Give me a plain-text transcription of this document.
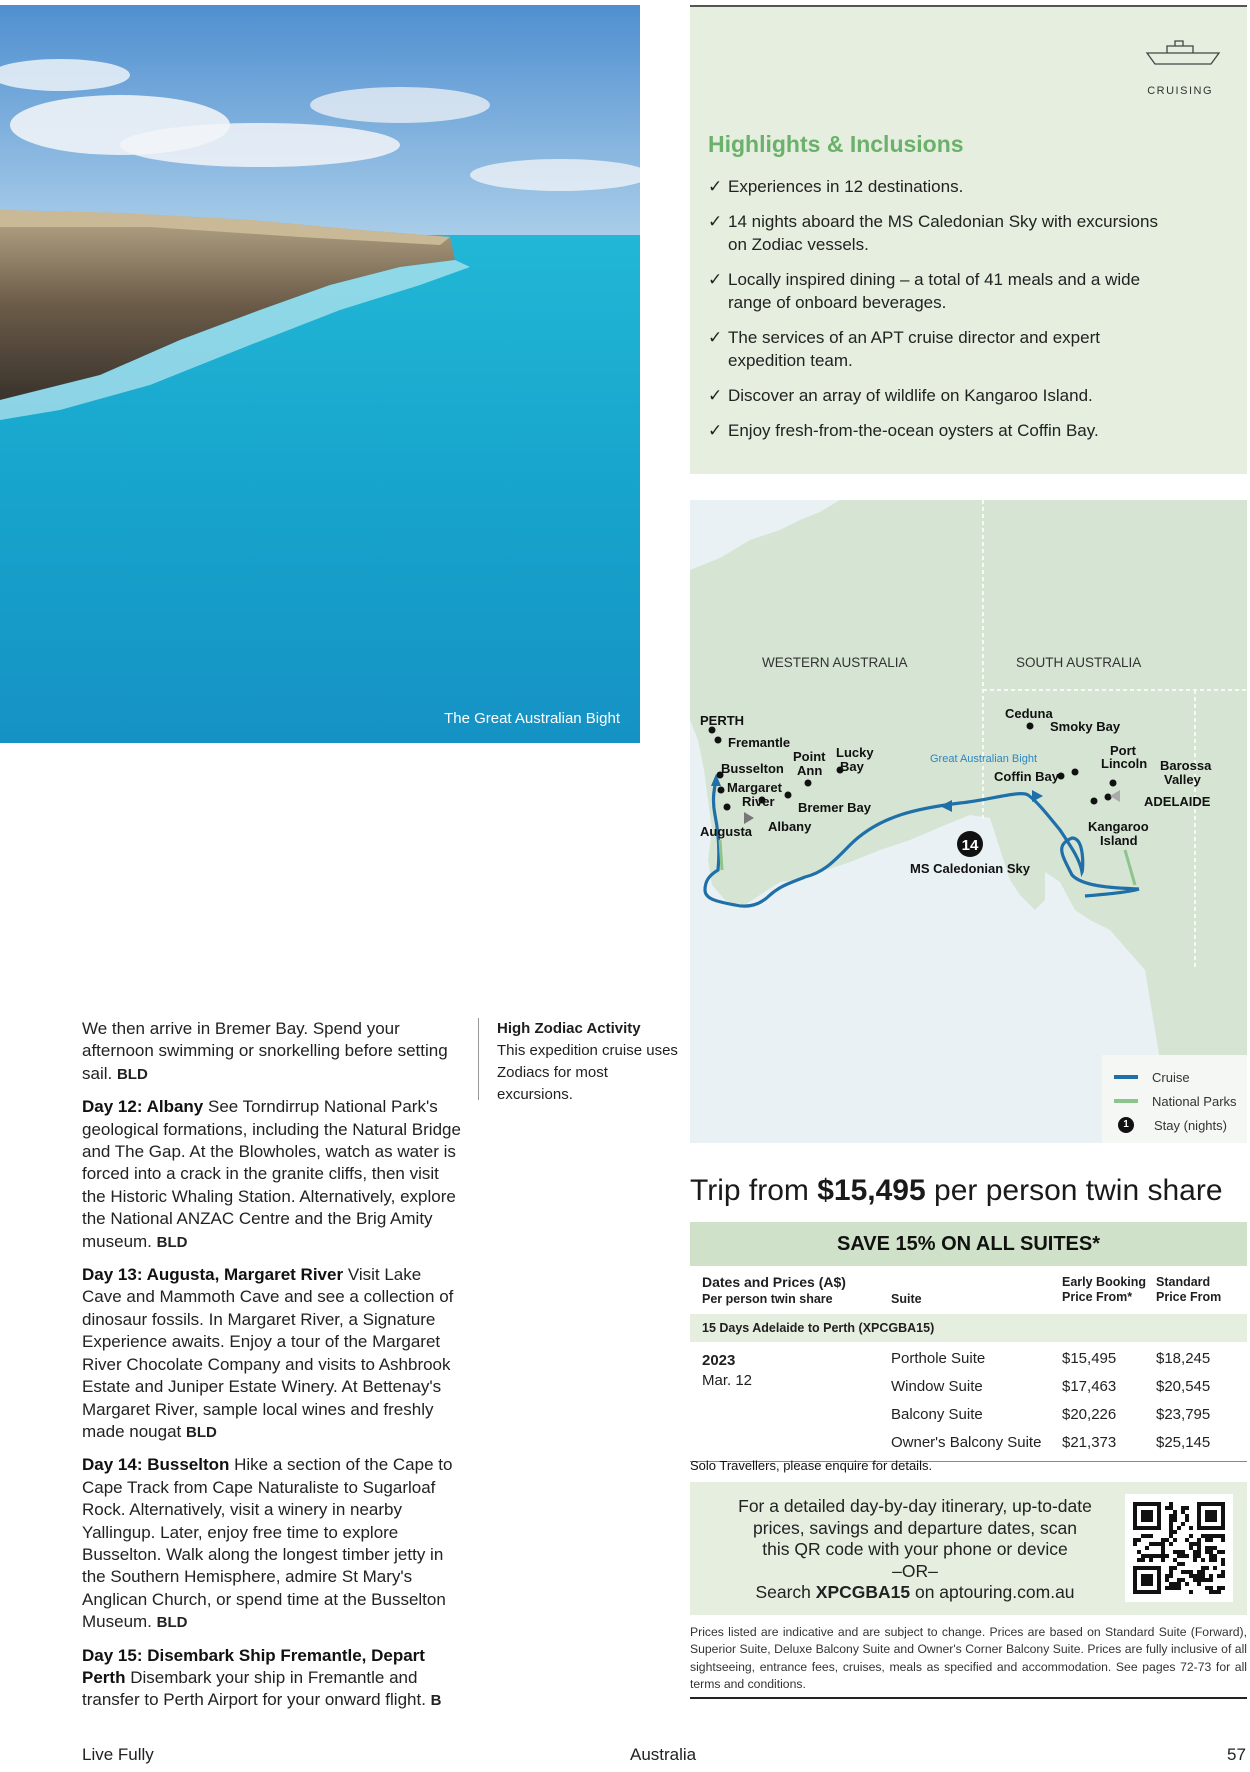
The Great Australian Bight
CRUISING
Highlights & Inclusions
✓ Experiences in 12 destinations.
✓ 14 nights aboard the MS Caledonian Sky with excursions on Zodiac vessels.
✓ Locally inspired dining – a total of 41 meals and a wide range of onboard beverages.
✓ The services of an APT cruise director and expert expedition team.
✓ Discover an array of wildlife on Kangaroo Island.
✓ Enjoy fresh-from-the-ocean oysters at Coffin Bay.
WESTERN AUSTRALIA	SOUTH AUSTRALIA
PERTH
Fremantle
Busselton
Margaret
River
Augusta Albany
Bremer Bay
Point
Ann
Lucky
Bay
Ceduna
Smoky Bay
Coffin Bay
Port
Lincoln Barossa
Valley
ADELAIDE
Kangaroo
Island
Great Australian Bight
14
MS Caledonian Sky
Cruise
National Parks
1	Stay (nights)

We then arrive in Bremer Bay. Spend your afternoon swimming or snorkelling before setting sail. BLD

Day 12: Albany See Torndirrup National Park's geological formations, including the Natural Bridge and The Gap. At the Blowholes, watch as water is forced into a crack in the granite cliffs, then visit the Historic Whaling Station. Alternatively, explore the National ANZAC Centre and the Brig Amity museum. BLD

Day 13: Augusta, Margaret River Visit Lake Cave and Mammoth Cave and see a collection of dinosaur fossils. In Margaret River, a Signature Experience awaits. Enjoy a tour of the Margaret River Chocolate Company and visits to Ashbrook Estate and Juniper Estate Winery. At Bettenay's Margaret River, sample local wines and freshly made nougat BLD

Day 14: Busselton Hike a section of the Cape to Cape Track from Cape Naturaliste to Sugarloaf Rock. Alternatively, visit a winery in nearby Yallingup. Later, enjoy free time to explore Busselton. Walk along the longest timber jetty in the Southern Hemisphere, admire St Mary's Anglican Church, or spend time at the Busselton Museum. BLD

Day 15: Disembark Ship Fremantle, Depart Perth Disembark your ship in Fremantle and transfer to Perth Airport for your onward flight. B

High Zodiac Activity
This expedition cruise uses Zodiacs for most excursions.
Trip from $15,495 per person twin share
SAVE 15% ON ALL SUITES*
Dates and Prices (A$)
Per person twin share	Suite
Early Booking
Price From*
Standard
Price From
15 Days Adelaide to Perth (XPCGBA15)
2023
Mar. 12
Porthole Suite	$15,495	$18,245
Window Suite	$17,463	$20,545
Balcony Suite	$20,226	$23,795
Owner's Balcony Suite $21,373	$25,145
Solo Travellers, please enquire for details.
For a detailed day-by-day itinerary, up-to-date
prices, savings and departure dates, scan
this QR code with your phone or device
–OR–
Search XPCGBA15 on aptouring.com.au
Prices listed are indicative and are subject to change. Prices are based on Standard Suite (Forward), Superior Suite, Deluxe Balcony Suite and Owner's Corner Balcony Suite. Prices are fully inclusive of all sightseeing, entrance fees, cruises, meals as specified and accommodation. See pages 72-73 for all terms and conditions.
Live Fully	Australia	57
